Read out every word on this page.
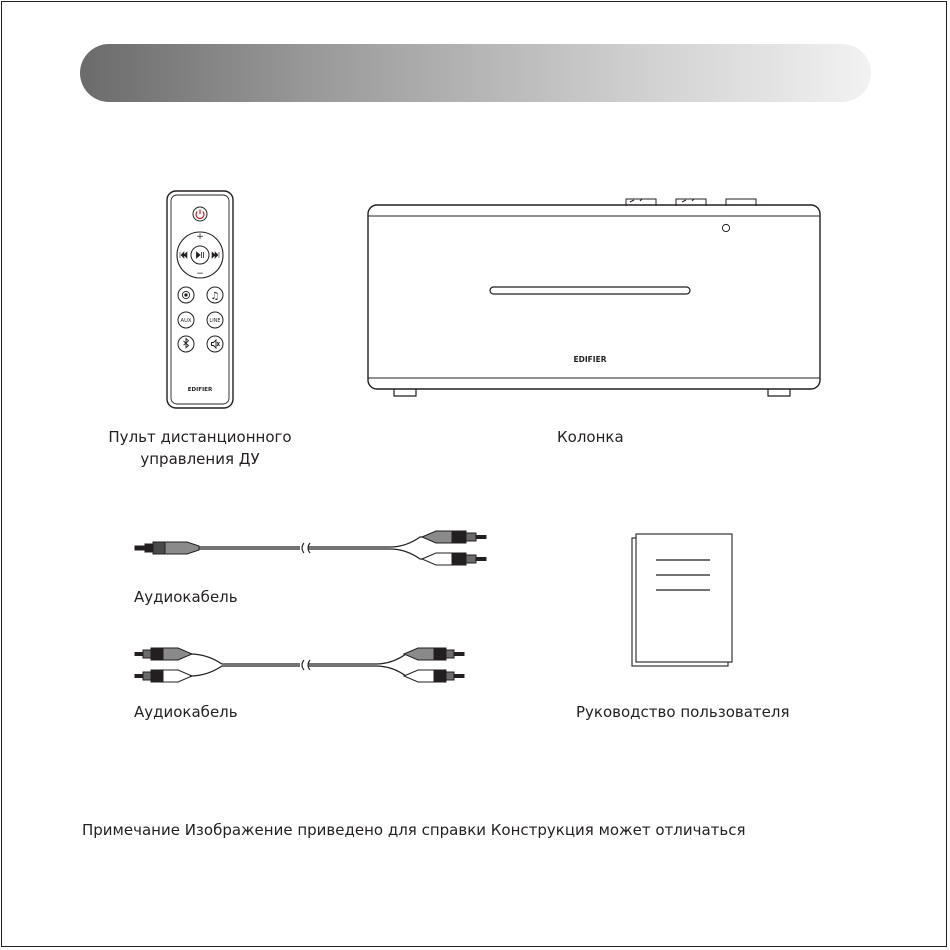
+
−
♫
AUX	LINE
EDIFIER
Пульт дистанционного
управления ДУ
EDIFIER
Колонка
Аудиокабель
Аудиокабель	Руководство пользователя
Примечание Изображение приведено для справки Конструкция может отличаться
